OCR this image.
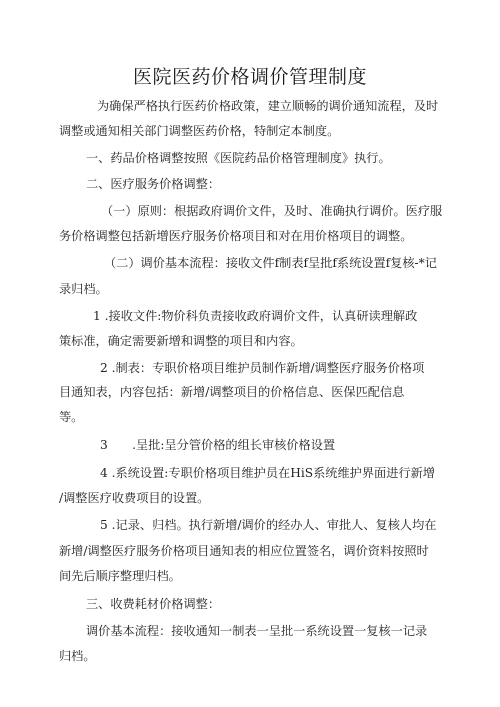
医院医药价格调价管理制度
为确保严格执行医药价格政策，建立顺畅的调价通知流程，及时
调整或通知相关部门调整医药价格，特制定本制度。
一、药品价格调整按照《医院药品价格管理制度》执行。
二、医疗服务价格调整：
（一）原则：根据政府调价文件，及时、准确执行调价。医疗服
务价格调整包括新增医疗服务价格项目和对在用价格项目的调整。
（二）调价基本流程：接收文件f制表f呈批f系统设置f复核-*记
录归档。
1 .接收文件:物价科负责接收政府调价文件，认真研读理解政
策标准，确定需要新增和调整的项目和内容。
2 .制表：专职价格项目维护员制作新增/调整医疗服务价格项
目通知表，内容包括：新增/调整项目的价格信息、医保匹配信息
等。
3　　.呈批:呈分管价格的组长审核价格设置
4 .系统设置:专职价格项目维护员在HiS系统维护界面进行新增
/调整医疗收费项目的设置。
5 .记录、归档。执行新增/调价的经办人、审批人、复核人均在
新增/调整医疗服务价格项目通知表的相应位置签名，调价资料按照时
间先后顺序整理归档。
三、收费耗材价格调整：
调价基本流程：接收通知一制表一呈批一系统设置一复核一记录
归档。
